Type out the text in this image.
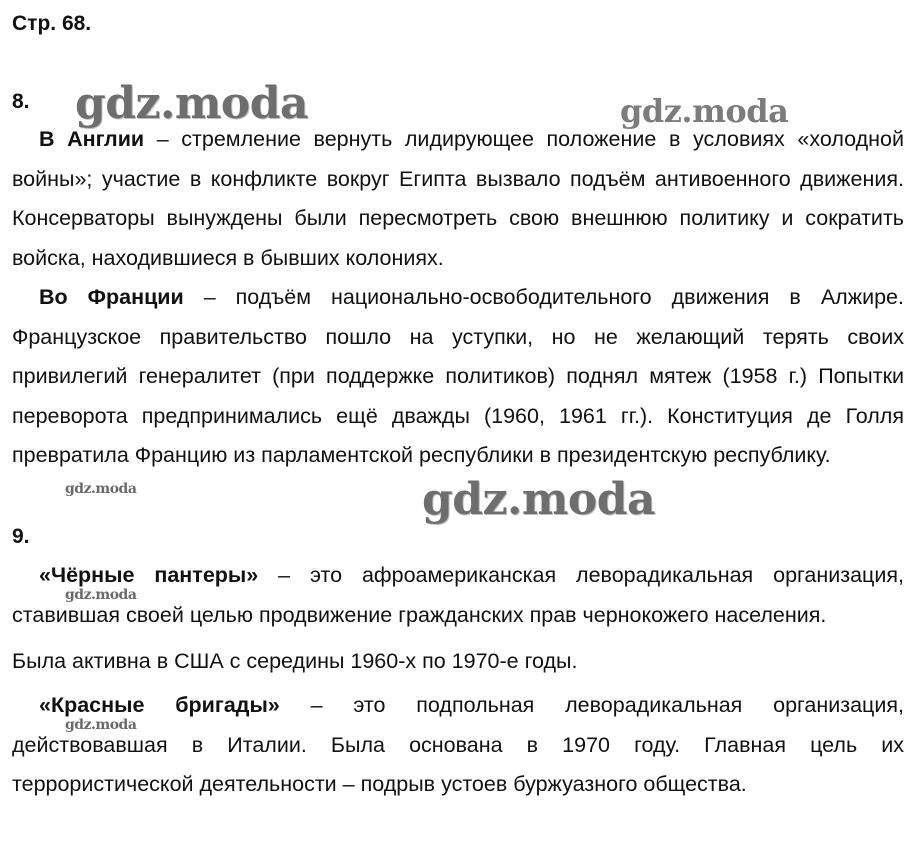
Стр. 68.
8.

В Англии – стремление вернуть лидирующее положение в условиях «холодной войны»; участие в конфликте вокруг Египта вызвало подъём антивоенного движения. Консерваторы вынуждены были пересмотреть свою внешнюю политику и сократить войска, находившиеся в бывших колониях.

Во Франции – подъём национально-освободительного движения в Алжире. Французское правительство пошло на уступки, но не желающий терять своих привилегий генералитет (при поддержке политиков) поднял мятеж (1958 г.) Попытки переворота предпринимались ещё дважды (1960, 1961 гг.). Конституция де Голля превратила Францию из парламентской республики в президентскую республику.

9.

«Чёрные пантеры» – это афроамериканская леворадикальная организация, ставившая своей целью продвижение гражданских прав чернокожего населения.

Была активна в США с середины 1960-х по 1970-е годы.

«Красные бригады» – это подпольная леворадикальная организация, действовавшая в Италии. Была основана в 1970 году. Главная цель их террористической деятельности – подрыв устоев буржуазного общества.

gdz.moda	gdz.moda
gdz.moda	gdz.moda
gdz.moda
gdz.moda
